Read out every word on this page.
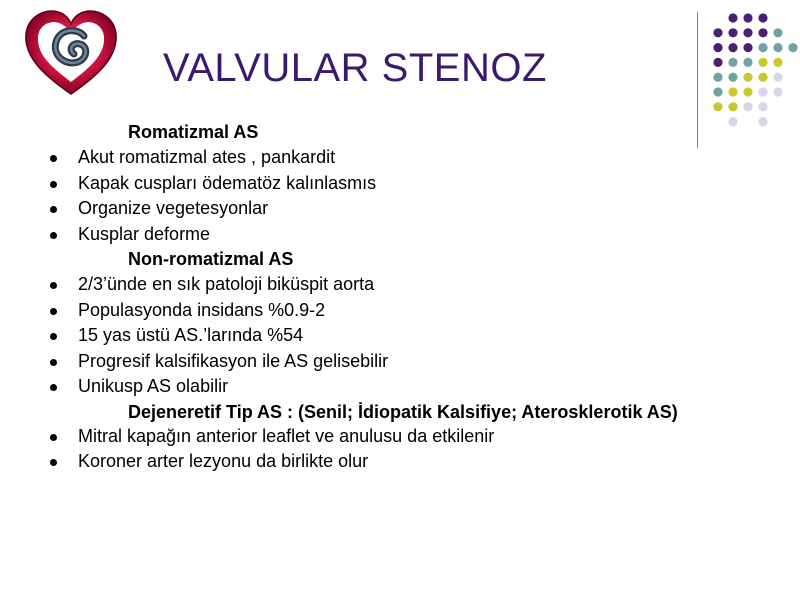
VALVULAR STENOZ
Romatizmal AS
Akut romatizmal ates , pankardit
Kapak cuspları ödematöz kalınlasmıs
Organize vegetesyonlar
Kusplar deforme
Non-romatizmal AS
2/3’ünde en sık patoloji biküspit aorta
Populasyonda insidans %0.9-2
15 yas üstü AS.’larında %54
Progresif kalsifikasyon ile AS gelisebilir
Unikusp AS olabilir
Dejeneretif Tip AS : (Senil; İdiopatik Kalsifiye; Aterosklerotik AS)
Mitral kapağın anterior leaflet ve anulusu da etkilenir
Koroner arter lezyonu da birlikte olur
